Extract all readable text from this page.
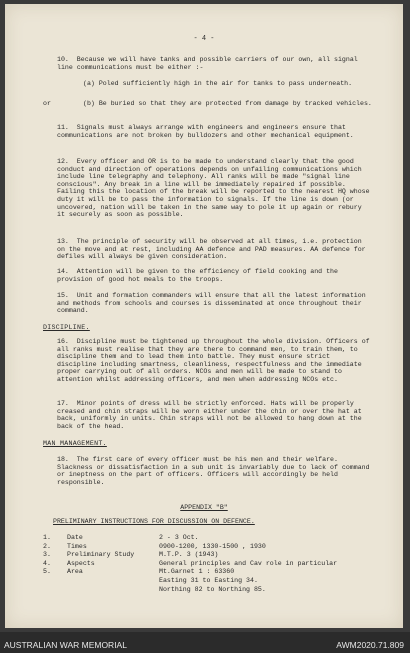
- 4 -
10. Because we will have tanks and possible carriers of our own, all signal line communications must be either :-
(a) Poled sufficiently high in the air for tanks to pass underneath.
or	(b) Be buried so that they are protected from damage by tracked vehicles.
11. Signals must always arrange with engineers and engineers ensure that communications are not broken by bulldozers and other mechanical equipment.
12. Every officer and OR is to be made to understand clearly that the good conduct and direction of operations depends on unfailing communications which include line telegraphy and telephony. All ranks will be made "signal line conscious". Any break in a line will be immediately repaired if possible. Failing this the location of the break will be reported to the nearest HQ whose duty it will be to pass the information to signals. If the line is down (or uncovered, nation will be taken in the same way to pole it up again or rebury it securely as soon as possible.
13. The principle of security will be observed at all times, i.e. protection on the move and at rest, including AA defence and PAD measures. AA defence for defiles will always be given consideration.
14. Attention will be given to the efficiency of field cooking and the provision of good hot meals to the troops.
15. Unit and formation commanders will ensure that all the latest information and methods from schools and courses is disseminated at once throughout their command.
DISCIPLINE.
16. Discipline must be tightened up throughout the whole division. Officers of all ranks must realise that they are there to command men, to train them, to discipline them and to lead them into battle. They must ensure strict discipline including smartness, cleanliness, respectfulness and the immediate proper carrying out of all orders. NCOs and men will be made to stand to attention whilst addressing officers, and men when addressing NCOs etc.
17. Minor points of dress will be strictly enforced. Hats will be properly creased and chin straps will be worn either under the chin or over the hat at back, uniformly in units. Chin straps will not be allowed to hang down at the back of the head.
MAN MANAGEMENT.
18. The first care of every officer must be his men and their welfare. Slackness or dissatisfaction in a sub unit is invariably due to lack of command or ineptness on the part of officers. Officers will accordingly be held responsible.
APPENDIX "B"
PRELIMINARY INSTRUCTIONS FOR DISCUSSION ON DEFENCE.
1. Date	2 - 3 Oct.
2. Times	0900-1200, 1330-1500 , 1930
3. Preliminary Study	M.T.P. 3 (1943)
4. Aspects	General principles and Cav role in particular
5. Area	Mt.Garnet 1 : 63360
Easting 31 to Easting 34.
Northing 82 to Northing 85.
AUSTRALIAN WAR MEMORIAL	AWM2020.71.809
